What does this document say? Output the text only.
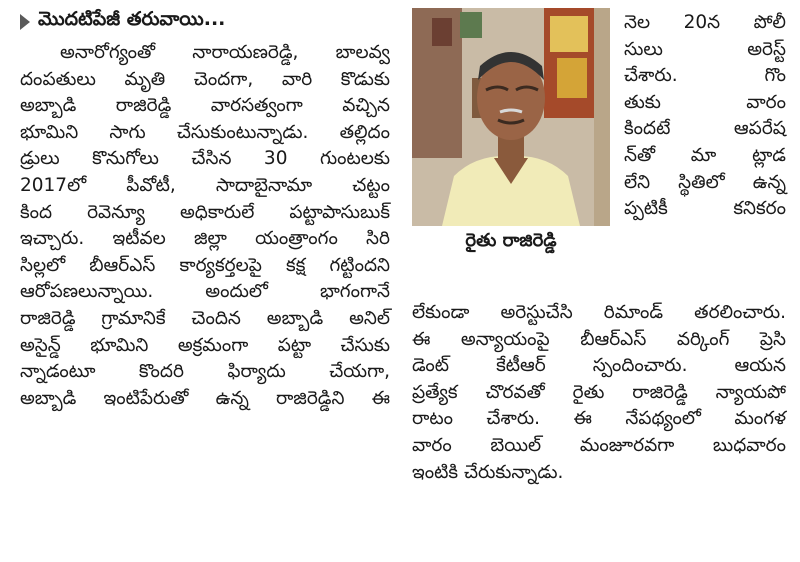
మొదటిపేజీ తరువాయి...

అనారోగ్యంతో నారాయణరెడ్డి, బాలవ్వ

దంపతులు మృతి చెందగా, వారి కొడుకు

అబ్బాడి రాజిరెడ్డి వారసత్వంగా వచ్చిన

భూమిని సాగు చేసుకుంటున్నాడు. తల్లిదం

డ్రులు కొనుగోలు చేసిన 30 గుంటలకు

2017లో పీవోటీ, సాదాబైనామా చట్టం

కింద రెవెన్యూ అధికారులే పట్టాపాసుబుక్

ఇచ్చారు. ఇటీవల జిల్లా యంత్రాంగం సిరి

సిల్లలో బీఆర్ఎస్ కార్యకర్తలపై కక్ష గట్టిందని

ఆరోపణలున్నాయి. అందులో భాగంగానే

రాజిరెడ్డి గ్రామానికే చెందిన అబ్బాడి అనిల్

అసైన్డ్ భూమిని అక్రమంగా పట్టా చేసుకు

న్నాడంటూ కొందరి ఫిర్యాదు చేయగా,

అబ్బాడి ఇంటిపేరుతో ఉన్న రాజిరెడ్డిని ఈ

రైతు రాజిరెడ్డి

నెల 20న పోలీ

సులు అరెస్ట్

చేశారు. గొం

తుకు వారం

కిందటే ఆపరేష

న్‌తో మా ట్లాడ

లేని స్థితిలో ఉన్న

ప్పటికీ కనికరం

లేకుండా అరెస్టుచేసి రిమాండ్ తరలించారు.

ఈ అన్యాయంపై బీఆర్ఎస్ వర్కింగ్ ప్రెసి

డెంట్ కేటీఆర్ స్పందించారు. ఆయన

ప్రత్యేక చొరవతో రైతు రాజిరెడ్డి న్యాయపో

రాటం చేశారు. ఈ నేపథ్యంలో మంగళ

వారం బెయిల్ మంజూరవగా బుధవారం

ఇంటికి చేరుకున్నాడు.
